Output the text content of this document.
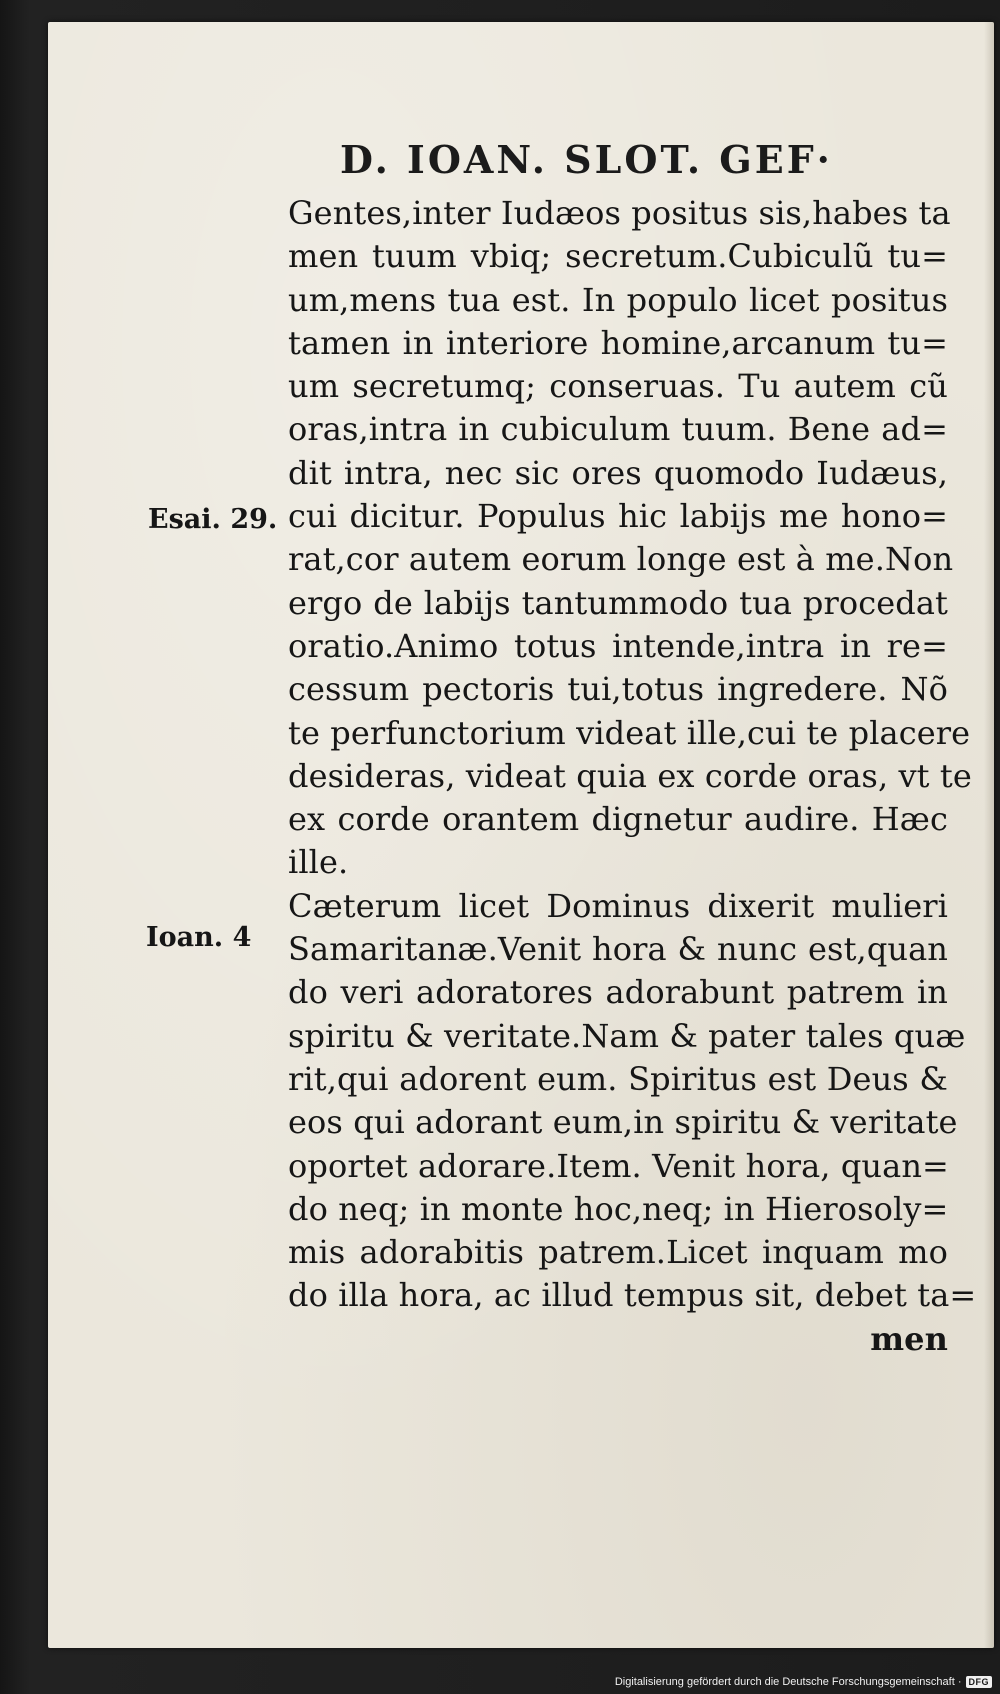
D. IOAN. SLOT. GEF·
Esai. 29.
Ioan. 4
Gentes,inter Iudæos positus sis,habes ta
men tuum vbiq; secretum.Cubiculũ tu=
um,mens tua est. In populo licet positus
tamen in interiore homine,arcanum tu=
um secretumq; conseruas. Tu autem cũ
oras,intra in cubiculum tuum. Bene ad=
dit intra, nec sic ores quomodo Iudæus,
cui dicitur. Populus hic labijs me hono=
rat,cor autem eorum longe est à me.Non
ergo de labijs tantummodo tua procedat
oratio.Animo totus intende,intra in re=
cessum pectoris tui,totus ingredere. Nõ
te perfunctorium videat ille,cui te placere
desideras, videat quia ex corde oras, vt te
ex corde orantem dignetur audire. Hæc
ille.
Cæterum licet Dominus dixerit mulieri
Samaritanæ.Venit hora & nunc est,quan
do veri adoratores adorabunt patrem in
spiritu & veritate.Nam & pater tales quæ
rit,qui adorent eum. Spiritus est Deus &
eos qui adorant eum,in spiritu & veritate
oportet adorare.Item. Venit hora, quan=
do neq; in monte hoc,neq; in Hierosoly=
mis adorabitis patrem.Licet inquam mo
do illa hora, ac illud tempus sit, debet ta=
men
Digitalisierung gefördert durch die Deutsche Forschungsgemeinschaft · DFG
